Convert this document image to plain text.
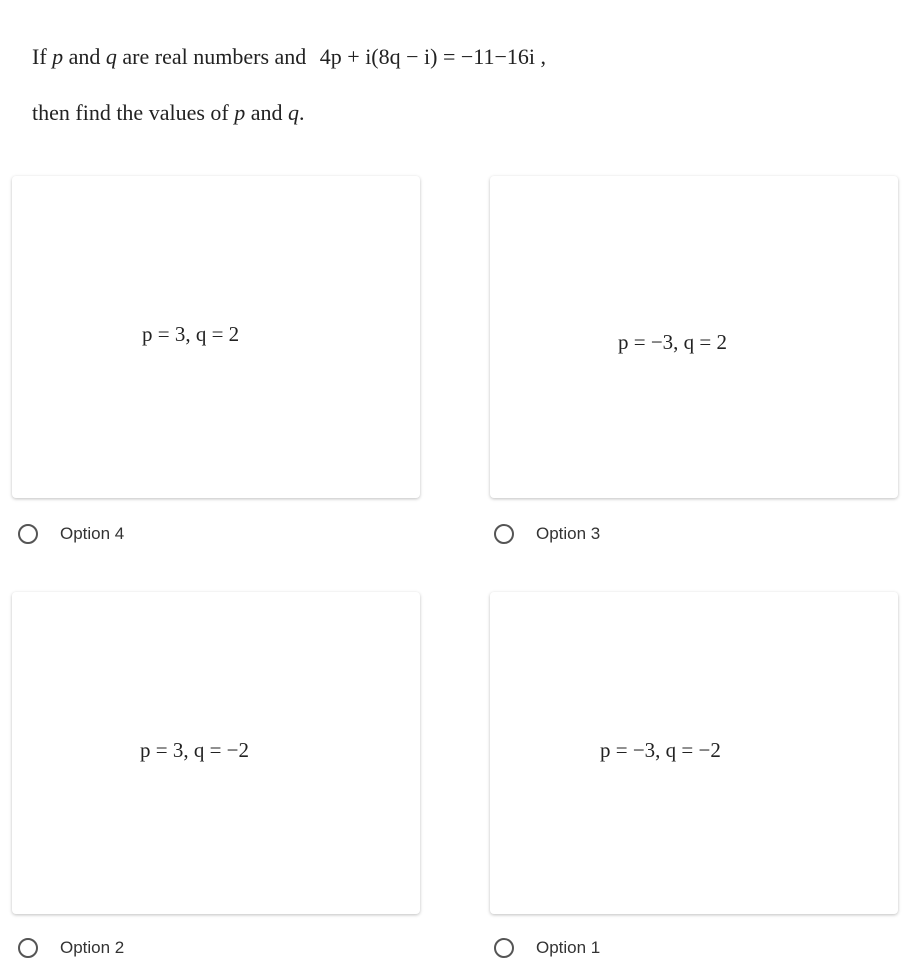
If p and q are real numbers and 4p + i(8q − i) = −11−16i ,
then find the values of p and q.
p = 3, q = 2
Option 4
p = −3, q = 2
Option 3
p = 3, q = −2
Option 2
p = −3, q = −2
Option 1
